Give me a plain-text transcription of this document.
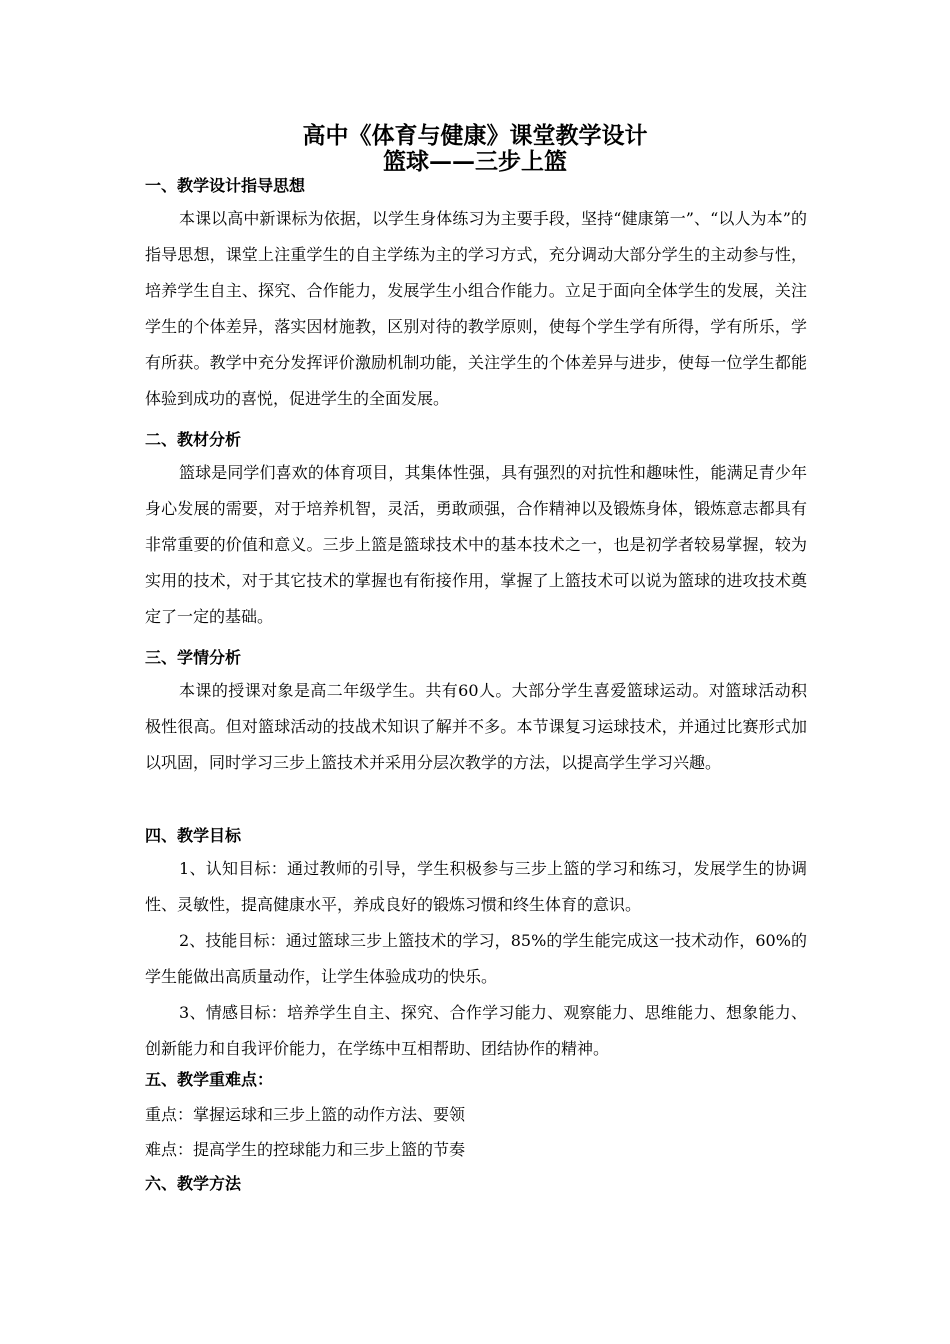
高中《体育与健康》课堂教学设计
篮球——三步上篮
一、教学设计指导思想

本课以高中新课标为依据，以学生身体练习为主要手段，坚持“健康第一”、“以人为本”的指导思想，课堂上注重学生的自主学练为主的学习方式，充分调动大部分学生的主动参与性，培养学生自主、探究、合作能力，发展学生小组合作能力。立足于面向全体学生的发展，关注学生的个体差异，落实因材施教，区别对待的教学原则，使每个学生学有所得，学有所乐，学有所获。教学中充分发挥评价激励机制功能，关注学生的个体差异与进步，使每一位学生都能体验到成功的喜悦，促进学生的全面发展。

二、教材分析

篮球是同学们喜欢的体育项目，其集体性强，具有强烈的对抗性和趣味性，能满足青少年身心发展的需要，对于培养机智，灵活，勇敢顽强，合作精神以及锻炼身体，锻炼意志都具有非常重要的价值和意义。三步上篮是篮球技术中的基本技术之一，也是初学者较易掌握，较为实用的技术，对于其它技术的掌握也有衔接作用，掌握了上篮技术可以说为篮球的进攻技术奠定了一定的基础。

三、学情分析

本课的授课对象是高二年级学生。共有60人。大部分学生喜爱篮球运动。对篮球活动积极性很高。但对篮球活动的技战术知识了解并不多。本节课复习运球技术，并通过比赛形式加以巩固，同时学习三步上篮技术并采用分层次教学的方法，以提高学生学习兴趣。

四、教学目标

1、认知目标：通过教师的引导，学生积极参与三步上篮的学习和练习，发展学生的协调性、灵敏性，提高健康水平，养成良好的锻炼习惯和终生体育的意识。

2、技能目标：通过篮球三步上篮技术的学习，85%的学生能完成这一技术动作，60%的学生能做出高质量动作，让学生体验成功的快乐。

3、情感目标：培养学生自主、探究、合作学习能力、观察能力、思维能力、想象能力、创新能力和自我评价能力，在学练中互相帮助、团结协作的精神。

五、教学重难点：
重点：掌握运球和三步上篮的动作方法、要领
难点：提高学生的控球能力和三步上篮的节奏
六、教学方法
